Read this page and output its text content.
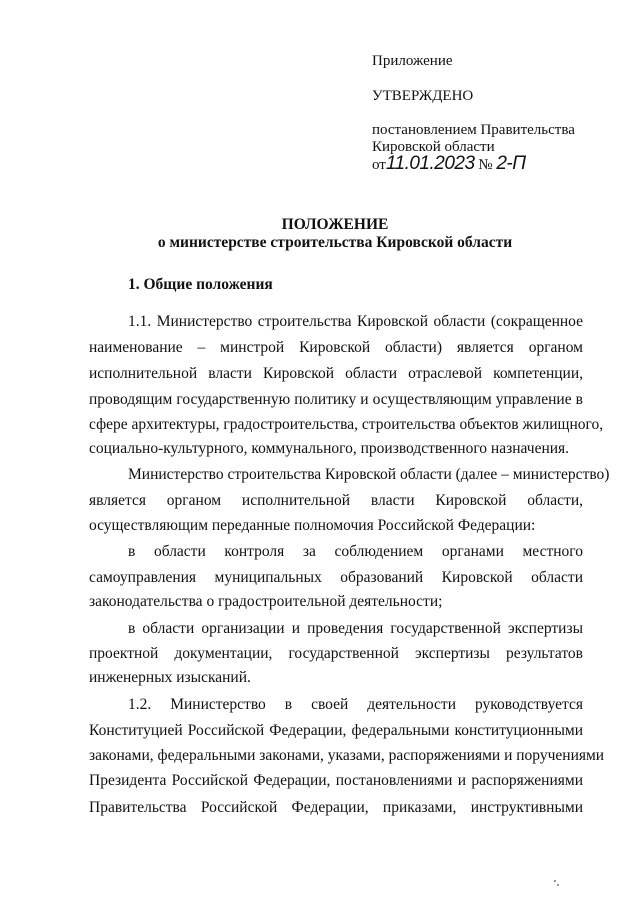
Приложение
УТВЕРЖДЕНО
постановлением Правительства
Кировской области
от11.01.2023 № 2-П
ПОЛОЖЕНИЕ
о министерстве строительства Кировской области
1. Общие положения
1.1. Министерство строительства Кировской области (сокращенное
наименование – минстрой Кировской области) является органом
исполнительной власти Кировской области отраслевой компетенции,
проводящим государственную политику и осуществляющим управление в
сфере архитектуры, градостроительства, строительства объектов жилищного,
социально-культурного, коммунального, производственного назначения.
Министерство строительства Кировской области (далее – министерство)
является органом исполнительной власти Кировской области,
осуществляющим переданные полномочия Российской Федерации:
в области контроля за соблюдением органами местного
самоуправления муниципальных образований Кировской области
законодательства о градостроительной деятельности;
в области организации и проведения государственной экспертизы
проектной документации, государственной экспертизы результатов
инженерных изысканий.
1.2. Министерство в своей деятельности руководствуется
Конституцией Российской Федерации, федеральными конституционными
законами, федеральными законами, указами, распоряжениями и поручениями
Президента Российской Федерации, постановлениями и распоряжениями
Правительства Российской Федерации, приказами, инструктивными
